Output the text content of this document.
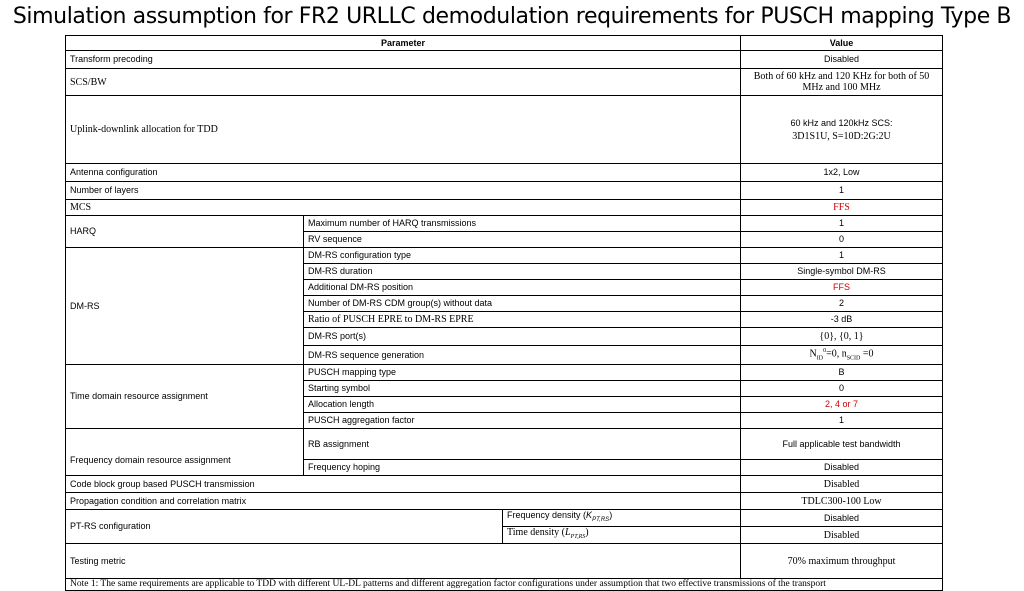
Simulation assumption for FR2 URLLC demodulation requirements for PUSCH mapping Type B
Parameter			Value
Transform precoding			Disabled
SCS/BW			Both of 60 kHz and 120 KHz for both of 50 MHz and 100 MHz
Uplink-downlink allocation for TDD			60 kHz and 120kHz SCS:
3D1S1U, S=10D:2G:2U
Antenna configuration			1x2, Low
Number of layers			1
MCS			FFS
HARQ	Maximum number of HARQ transmissions		1
	RV sequence		0
DM-RS	DM-RS configuration type		1
	DM-RS duration		Single-symbol DM-RS
	Additional DM-RS position		FFS
	Number of DM-RS CDM group(s) without data		2
	Ratio of PUSCH EPRE to DM-RS EPRE		-3 dB
	DM-RS port(s)		{0}, {0, 1}
	DM-RS sequence generation		$N_{ID}^0=0$, $n_{SCID} =0$
Time domain resource assignment	PUSCH mapping type		B
	Starting symbol		0
	Allocation length		2, 4 or 7
	PUSCH aggregation factor		1
Frequency domain resource assignment	RB assignment		Full applicable test bandwidth
	Frequency hoping		Disabled
Code block group based PUSCH transmission			Disabled
Propagation condition and correlation matrix			TDLC300-100 Low
PT-RS configuration		Frequency density $(K_{PT,RS})$	Disabled
		Time density $(L_{PT,RS})$	Disabled
Testing metric			70% maximum throughput
Note 1: The same requirements are applicable to TDD with different UL-DL patterns and different aggregation factor configurations under assumption that two effective transmissions of the transport			
